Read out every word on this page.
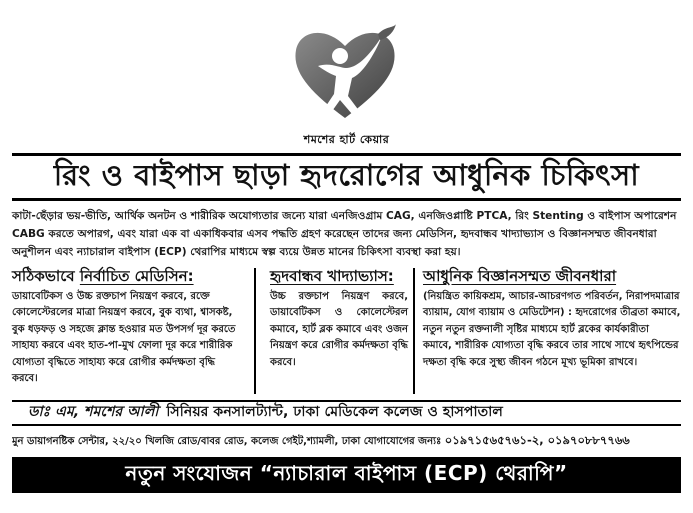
শমশের হার্ট কেয়ার
রিং ও বাইপাস ছাড়া হৃদরোগের আধুনিক চিকিৎসা
কাটা-ছেঁড়ার ভয়-ভীতি, আর্থিক অনটন ও শারীরিক অযোগ্যতার জন্যে যারা এনজিওগ্রাম CAG, এনজিওপ্লাষ্টি PTCA, রিং Stenting ও বাইপাস অপারেশন CABG করতে অপারগ, এবং যারা এক বা একাধিকবার এসব পদ্ধতি গ্রহণ করেছেন তাদের জন্য মেডিসিন, হৃদবান্ধব খাদ্যাভ্যাস ও বিজ্ঞানসম্মত জীবনধারা অনুশীলন এবং ন্যাচারাল বাইপাস (ECP) থেরাপির মাধ্যমে স্বল্প ব্যয়ে উন্নত মানের চিকিৎসা ব্যবস্থা করা হয়।
সঠিকভাবে নির্বাচিত মেডিসিন:

ডায়াবেটিকস ও উচ্চ রক্তচাপ নিয়ন্ত্রণ করবে, রক্তে কোলেস্টেরলের মাত্রা নিয়ন্ত্রণ করবে, বুক ব্যথা, শ্বাসকষ্ট, বুক ধড়ফড় ও সহজে ক্লান্ত হওয়ার মত উপসর্গ দূর করতে সাহায্য করবে এবং হাত-পা-মুখ ফোলা দূর করে শারীরিক যোগ্যতা বৃদ্ধিতে সাহায্য করে রোগীর কর্মদক্ষতা বৃদ্ধি করবে।

হৃদবান্ধব খাদ্যাভ্যাস:

উচ্চ রক্তচাপ নিয়ন্ত্রণ করবে, ডায়াবেটিকস ও কোলেস্টেরল কমাবে, হার্ট ব্লক কমাবে এবং ওজন নিয়ন্ত্রণ করে রোগীর কর্মদক্ষতা বৃদ্ধি করবে।

আধুনিক বিজ্ঞানসম্মত জীবনধারা

(নিয়ন্ত্রিত কায়িকশ্রম, আচার-আচরণগত পরিবর্তন, নিরাপদমাত্রার ব্যায়াম, যোগ ব্যায়াম ও মেডিটেশন) : হৃদরোগের তীব্রতা কমাবে, নতুন নতুন রক্তনালী সৃষ্টির মাধ্যমে হার্ট ব্লকের কার্যকারীতা কমাবে, শারীরিক যোগ্যতা বৃদ্ধি করবে তার সাথে সাথে হৃৎপিন্ডের দক্ষতা বৃদ্ধি করে সুস্থ্য জীবন গঠনে মূখ্য ভূমিকা রাখবে।

ডাঃ এম, শমশের আলী সিনিয়র কনসালট্যান্ট, ঢাকা মেডিকেল কলেজ ও হাসপাতাল
মুন ডায়াগনষ্টিক সেন্টার, ২২/২০ খিলজি রোড/বাবর রোড, কলেজ গেইট,শ্যামলী, ঢাকা যোগাযোগের জন্যঃ ০১৯৭১৫৬৫৭৬১-২, ০১৯৭০৮৮৭৭৬৬
নতুন সংযোজন “ন্যাচারাল বাইপাস (ECP) থেরাপি”
